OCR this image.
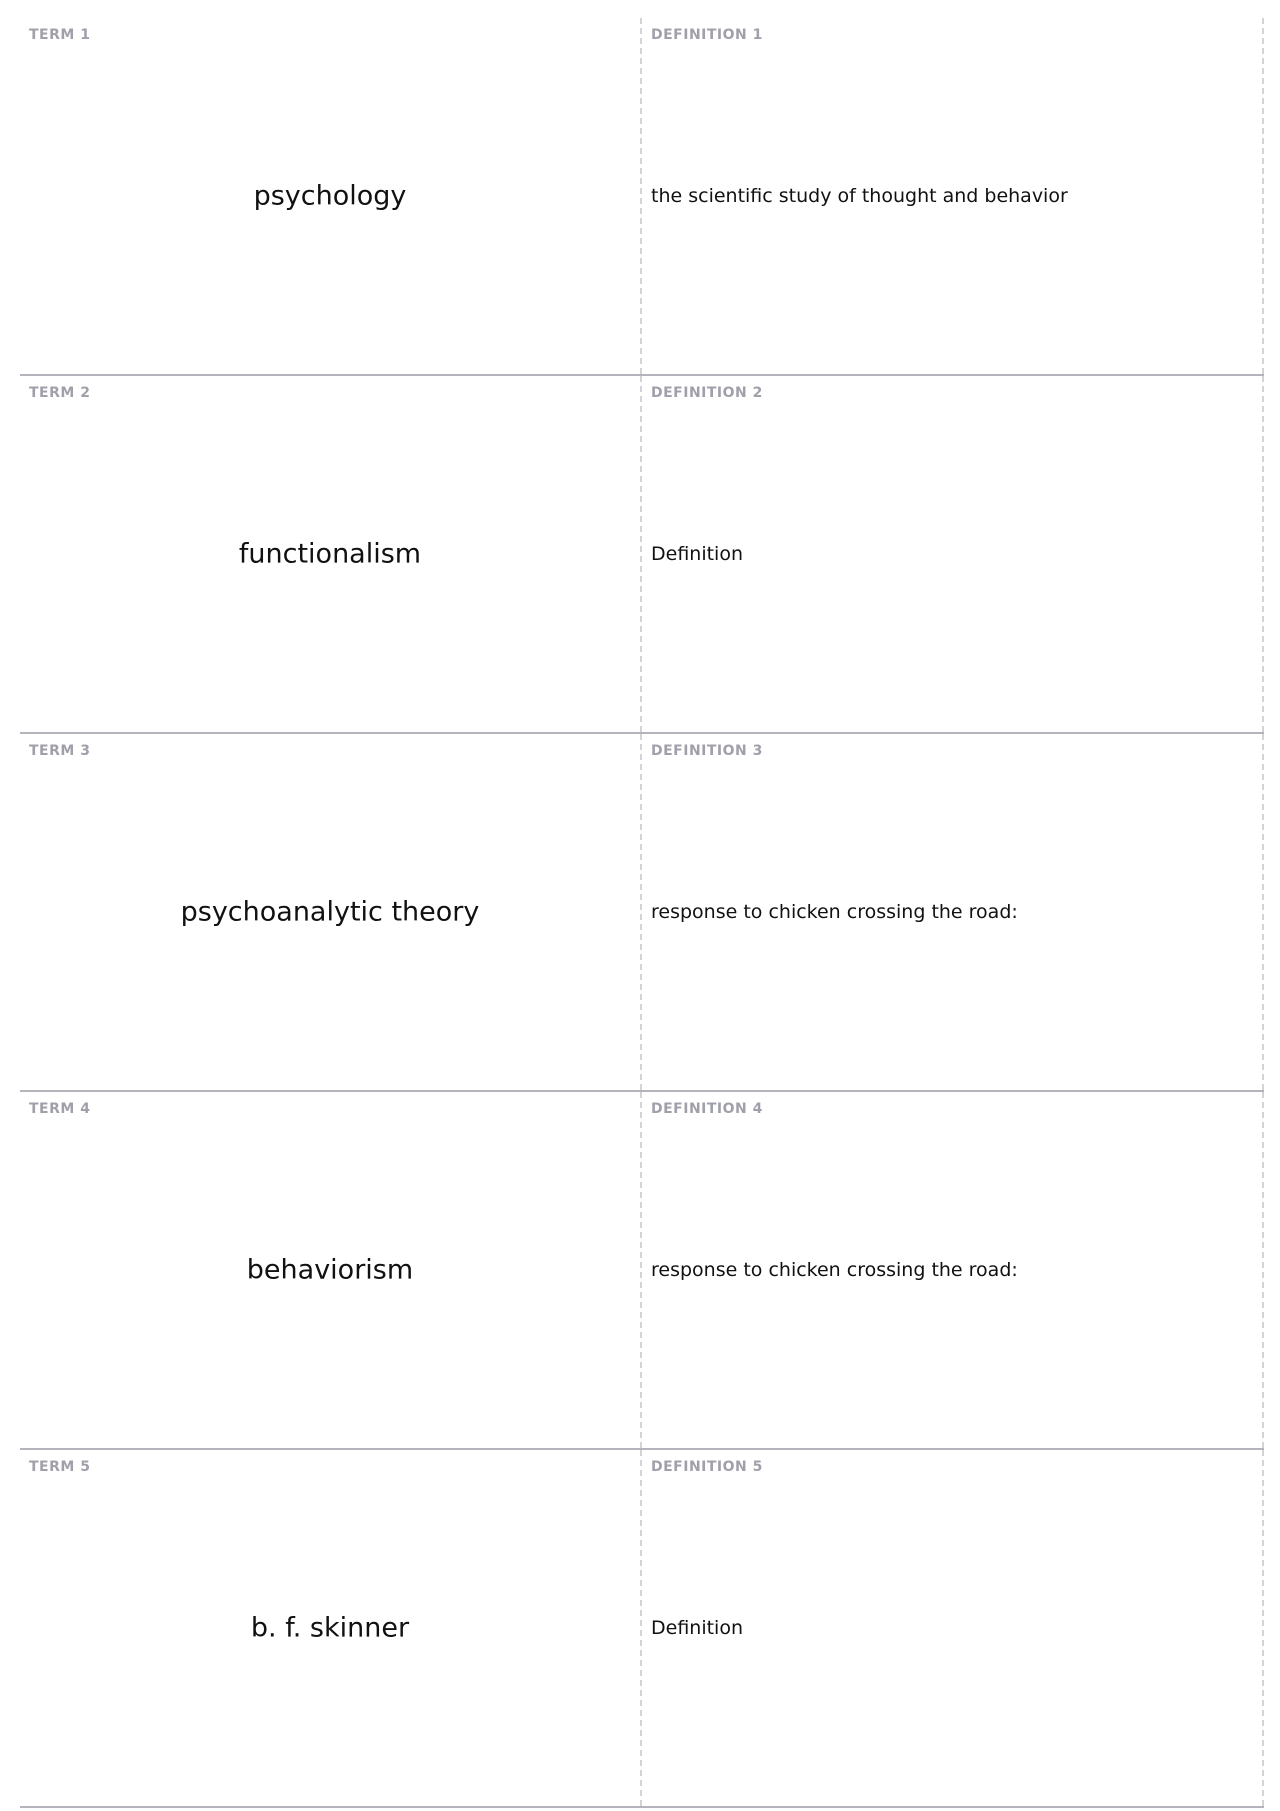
TERM 1
psychology
DEFINITION 1
the scientific study of thought and behavior
TERM 2
functionalism
DEFINITION 2
Definition
TERM 3
psychoanalytic theory
DEFINITION 3
response to chicken crossing the road:
TERM 4
behaviorism
DEFINITION 4
response to chicken crossing the road:
TERM 5
b. f. skinner
DEFINITION 5
Definition
